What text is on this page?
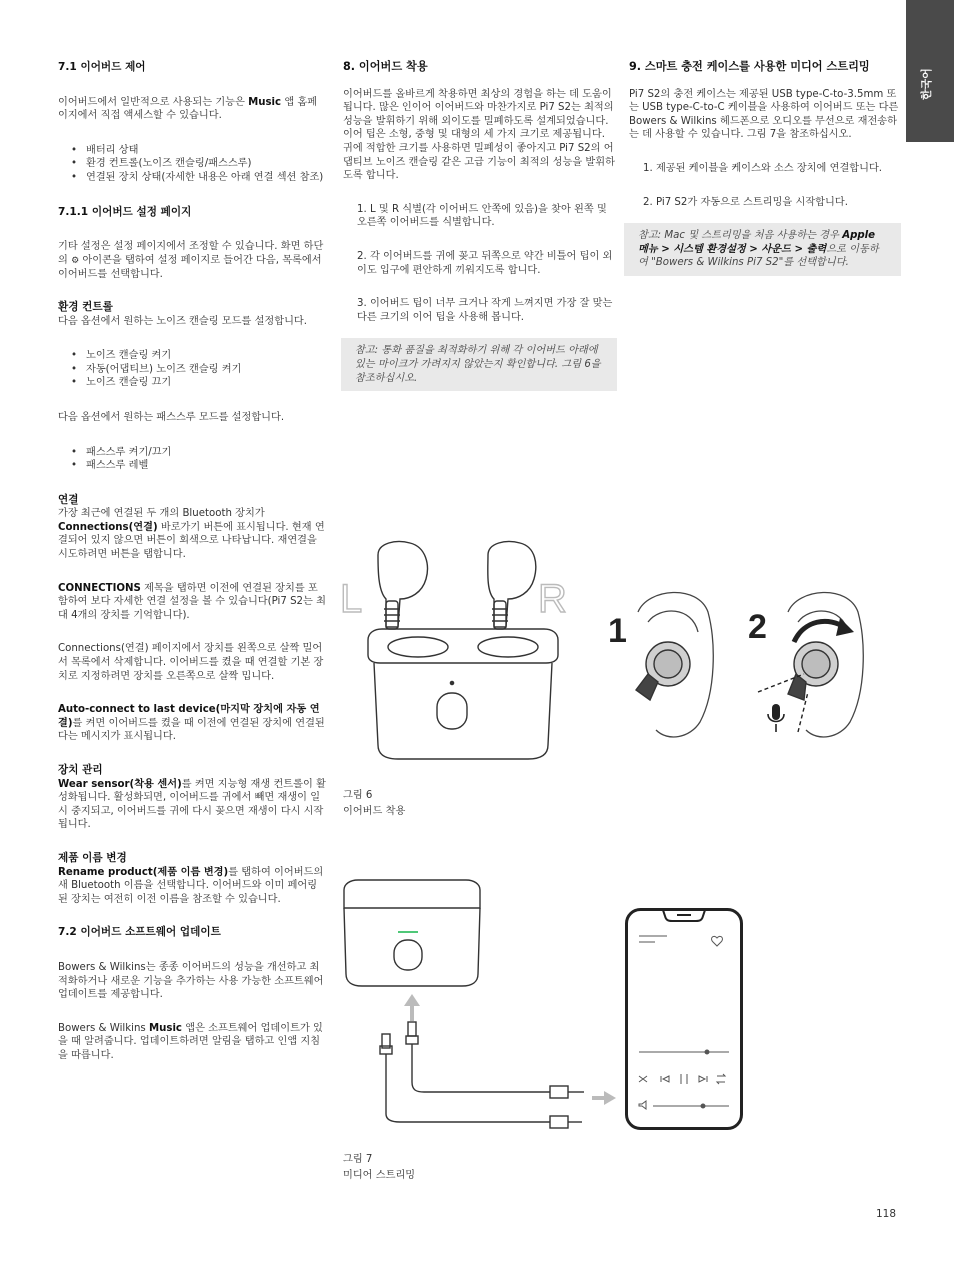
한국어

7.1 이어버드 제어

이어버드에서 일반적으로 사용되는 기능은 Music 앱 홈페이지에서 직접 액세스할 수 있습니다.

• 배터리 상태
• 환경 컨트롤(노이즈 캔슬링/패스스루)
• 연결된 장치 상태(자세한 내용은 아래 연결 섹션 참조)

7.1.1 이어버드 설정 페이지

기타 설정은 설정 페이지에서 조정할 수 있습니다. 화면 하단의 ⚙ 아이콘을 탭하여 설정 페이지로 들어간 다음, 목록에서 이어버드를 선택합니다.

환경 컨트롤

다음 옵션에서 원하는 노이즈 캔슬링 모드를 설정합니다.

• 노이즈 캔슬링 켜기
• 자동(어댑티브) 노이즈 캔슬링 켜기
• 노이즈 캔슬링 끄기

다음 옵션에서 원하는 패스스루 모드를 설정합니다.

• 패스스루 켜기/끄기
• 패스스루 레벨

연결

가장 최근에 연결된 두 개의 Bluetooth 장치가 Connections(연결) 바로가기 버튼에 표시됩니다. 현재 연결되어 있지 않으면 버튼이 회색으로 나타납니다. 재연결을 시도하려면 버튼을 탭합니다.

CONNECTIONS 제목을 탭하면 이전에 연결된 장치를 포함하여 보다 자세한 연결 설정을 볼 수 있습니다(Pi7 S2는 최대 4개의 장치를 기억합니다).

Connections(연결) 페이지에서 장치를 왼쪽으로 살짝 밀어서 목록에서 삭제합니다. 이어버드를 켰을 때 연결할 기본 장치로 지정하려면 장치를 오른쪽으로 살짝 밉니다.

Auto-connect to last device(마지막 장치에 자동 연결)를 켜면 이어버드를 켰을 때 이전에 연결된 장치에 연결된다는 메시지가 표시됩니다.

장치 관리

Wear sensor(착용 센서)를 켜면 지능형 재생 컨트롤이 활성화됩니다. 활성화되면, 이어버드를 귀에서 빼면 재생이 일시 중지되고, 이어버드를 귀에 다시 꽂으면 재생이 다시 시작됩니다.

제품 이름 변경

Rename product(제품 이름 변경)를 탭하여 이어버드의 새 Bluetooth 이름을 선택합니다. 이어버드와 이미 페어링된 장치는 여전히 이전 이름을 참조할 수 있습니다.

7.2 이어버드 소프트웨어 업데이트

Bowers & Wilkins는 종종 이어버드의 성능을 개선하고 최적화하거나 새로운 기능을 추가하는 사용 가능한 소프트웨어 업데이트를 제공합니다.

Bowers & Wilkins Music 앱은 소프트웨어 업데이트가 있을 때 알려줍니다. 업데이트하려면 알림을 탭하고 인앱 지침을 따릅니다.

8. 이어버드 착용

이어버드를 올바르게 착용하면 최상의 경험을 하는 데 도움이 됩니다. 많은 인이어 이어버드와 마찬가지로 Pi7 S2는 최적의 성능을 발휘하기 위해 외이도를 밀폐하도록 설계되었습니다. 이어 팁은 소형, 중형 및 대형의 세 가지 크기로 제공됩니다. 귀에 적합한 크기를 사용하면 밀폐성이 좋아지고 Pi7 S2의 어댑티브 노이즈 캔슬링 같은 고급 기능이 최적의 성능을 발휘하도록 합니다.

1. L 및 R 식별(각 이어버드 안쪽에 있음)을 찾아 왼쪽 및 오른쪽 이어버드를 식별합니다.

2. 각 이어버드를 귀에 꽂고 뒤쪽으로 약간 비틀어 팁이 외이도 입구에 편안하게 끼워지도록 합니다.

3. 이어버드 팁이 너무 크거나 작게 느껴지면 가장 잘 맞는 다른 크기의 이어 팁을 사용해 봅니다.

참고: 통화 품질을 최적화하기 위해 각 이어버드 아래에 있는 마이크가 가려지지 않았는지 확인합니다. 그림 6을 참조하십시오.

9. 스마트 충전 케이스를 사용한 미디어 스트리밍

Pi7 S2의 충전 케이스는 제공된 USB type-C-to-3.5mm 또는 USB type-C-to-C 케이블을 사용하여 이어버드 또는 다른 Bowers & Wilkins 헤드폰으로 오디오를 무선으로 재전송하는 데 사용할 수 있습니다. 그림 7을 참조하십시오.

1. 제공된 케이블을 케이스와 소스 장치에 연결합니다.

2. Pi7 S2가 자동으로 스트리밍을 시작합니다.

참고: Mac 및 스트리밍을 처음 사용하는 경우 Apple 메뉴 > 시스템 환경설정 > 사운드 > 출력으로 이동하여 "Bowers & Wilkins Pi7 S2"를 선택합니다.

L	R
1	2
그림 6
이어버드 착용
그림 7
미디어 스트리밍
118
